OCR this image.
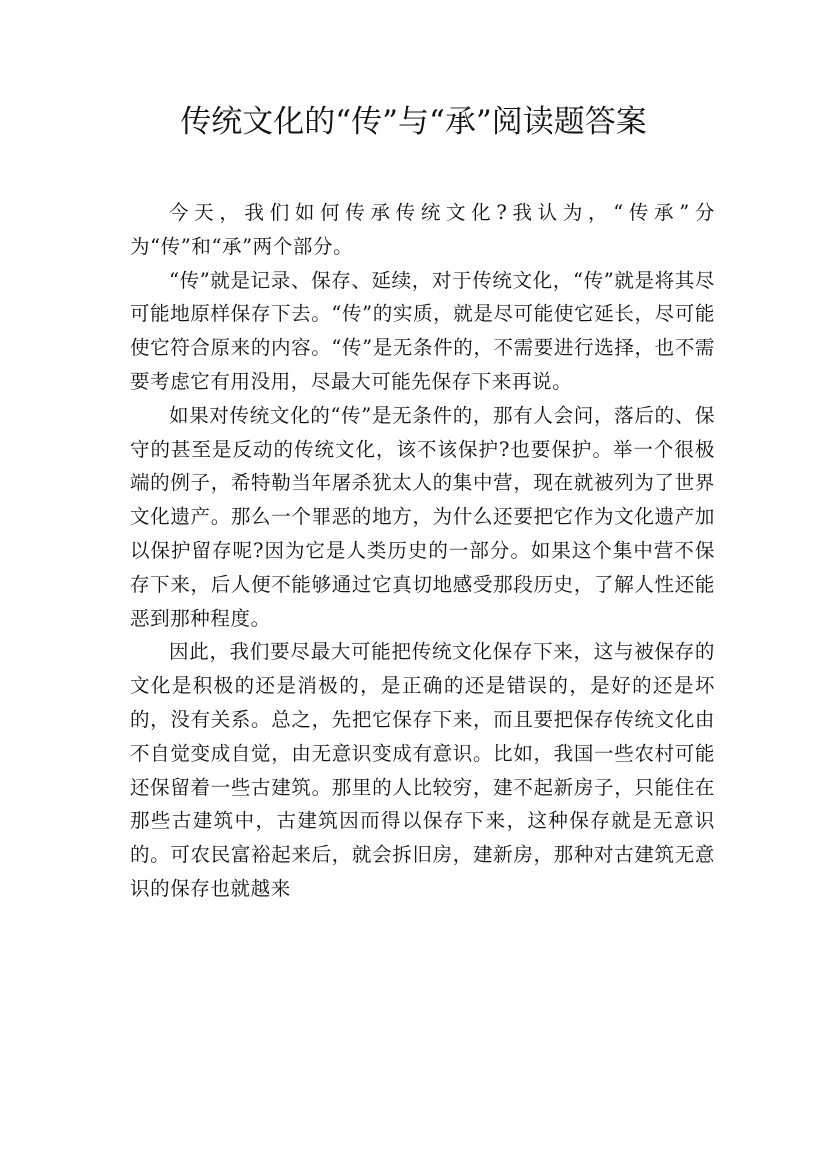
传统文化的“传”与“承”阅读题答案

今天，我们如何传承传统文化?我认为，“传承”分为“传”和“承”两个部分。

“传”就是记录、保存、延续，对于传统文化，“传”就是将其尽可能地原样保存下去。“传”的实质，就是尽可能使它延长，尽可能使它符合原来的内容。“传”是无条件的，不需要进行选择，也不需要考虑它有用没用，尽最大可能先保存下来再说。

如果对传统文化的“传”是无条件的，那有人会问，落后的、保守的甚至是反动的传统文化，该不该保护?也要保护。举一个很极端的例子，希特勒当年屠杀犹太人的集中营，现在就被列为了世界文化遗产。那么一个罪恶的地方，为什么还要把它作为文化遗产加以保护留存呢?因为它是人类历史的一部分。如果这个集中营不保存下来，后人便不能够通过它真切地感受那段历史，了解人性还能恶到那种程度。

因此，我们要尽最大可能把传统文化保存下来，这与被保存的文化是积极的还是消极的，是正确的还是错误的，是好的还是坏的，没有关系。总之，先把它保存下来，而且要把保存传统文化由不自觉变成自觉，由无意识变成有意识。比如，我国一些农村可能还保留着一些古建筑。那里的人比较穷，建不起新房子，只能住在那些古建筑中，古建筑因而得以保存下来，这种保存就是无意识的。可农民富裕起来后，就会拆旧房，建新房，那种对古建筑无意识的保存也就越来
